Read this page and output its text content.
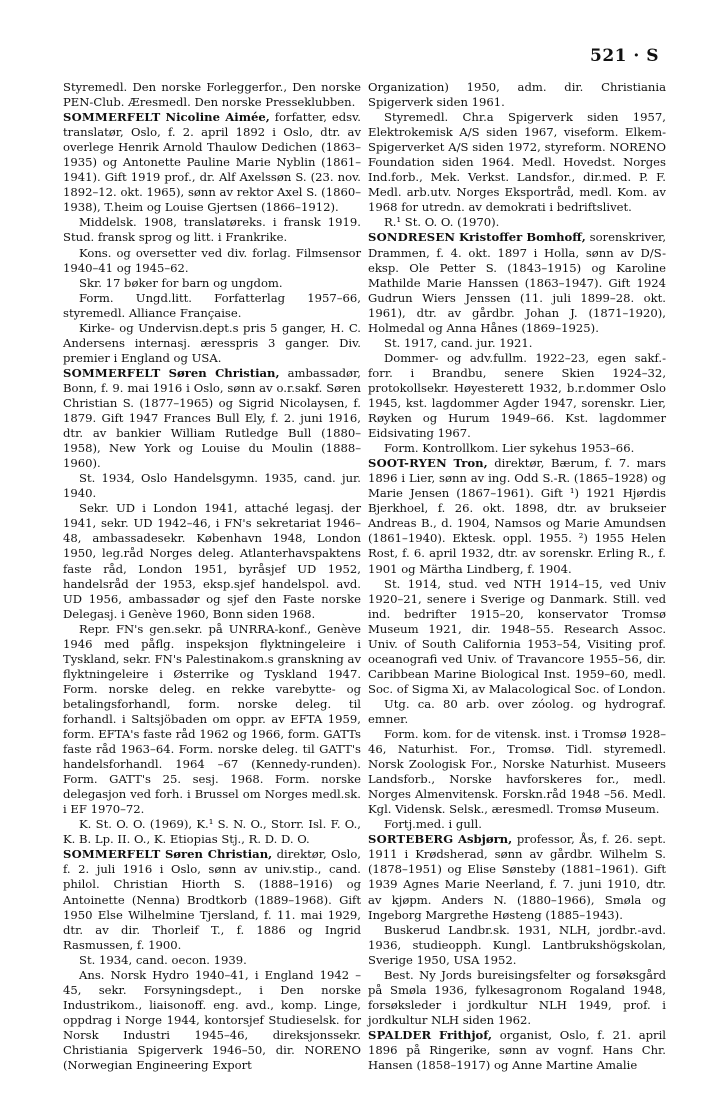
521 · S

Styremedl. Den norske Forleggerfor., Den norske PEN-Club. Æresmedl. Den norske Presseklubben.

SOMMERFELT Nicoline Aimée, forfatter, edsv. translatør, Oslo, f. 2. april 1892 i Oslo, dtr. av overlege Henrik Arnold Thaulow Dedichen (1863–1935) og Antonette Pauline Marie Nyblin (1861–1941). Gift 1919 prof., dr. Alf Axelssøn S. (23. nov. 1892–12. okt. 1965), sønn av rektor Axel S. (1860–1938), T.heim og Louise Gjertsen (1866–1912).

Middelsk. 1908, translatøreks. i fransk 1919. Stud. fransk sprog og litt. i Frankrike.

Kons. og oversetter ved div. forlag. Filmsensor 1940–41 og 1945–62.

Skr. 17 bøker for barn og ungdom.

Form. Ungd.litt. Forfatterlag 1957–66, styremedl. Alliance Française.

Kirke- og Undervisn.dept.s pris 5 ganger, H. C. Andersens internasj. æresspris 3 ganger. Div. premier i England og USA.

SOMMERFELT Søren Christian, ambassadør, Bonn, f. 9. mai 1916 i Oslo, sønn av o.r.sakf. Søren Christian S. (1877–1965) og Sigrid Nicolaysen, f. 1879. Gift 1947 Frances Bull Ely, f. 2. juni 1916, dtr. av bankier William Rutledge Bull (1880–1958), New York og Louise du Moulin (1888–1960).

St. 1934, Oslo Handelsgymn. 1935, cand. jur. 1940.

Sekr. UD i London 1941, attaché legasj. der 1941, sekr. UD 1942–46, i FN's sekretariat 1946–48, ambassadesekr. København 1948, London 1950, leg.råd Norges deleg. Atlanterhavspaktens faste råd, London 1951, byråsjef UD 1952, handelsråd der 1953, eksp.sjef handelspol. avd. UD 1956, ambassadør og sjef den Faste norske Delegasj. i Genève 1960, Bonn siden 1968.

Repr. FN's gen.sekr. på UNRRA-konf., Genève 1946 med påflg. inspeksjon flyktningeleire i Tyskland, sekr. FN's Palestinakom.s granskning av flyktningeleire i Østerrike og Tyskland 1947. Form. norske deleg. en rekke varebytte- og betalingsforhandl, form. norske deleg. til forhandl. i Saltsjöbaden om oppr. av EFTA 1959, form. EFTA's faste råd 1962 og 1966, form. GATTs faste råd 1963–64. Form. norske deleg. til GATT's handelsforhandl. 1964 –67 (Kennedy-runden). Form. GATT's 25. sesj. 1968. Form. norske delegasjon ved forh. i Brussel om Norges medl.sk. i EF 1970–72.

K. St. O. O. (1969), K.¹ S. N. O., Storr. Isl. F. O., K. B. Lp. II. O., K. Etiopias Stj., R. D. D. O.

SOMMERFELT Søren Christian, direktør, Oslo, f. 2. juli 1916 i Oslo, sønn av univ.stip., cand. philol. Christian Hiorth S. (1888–1916) og Antoinette (Nenna) Brodtkorb (1889–1968). Gift 1950 Else Wilhelmine Tjersland, f. 11. mai 1929, dtr. av dir. Thorleif T., f. 1886 og Ingrid Rasmussen, f. 1900.

St. 1934, cand. oecon. 1939.

Ans. Norsk Hydro 1940–41, i England 1942 –45, sekr. Forsyningsdept., i Den norske Industrikom., liaisonoff. eng. avd., komp. Linge, oppdrag i Norge 1944, kontorsjef Studieselsk. for Norsk Industri 1945–46, direksjonssekr. Christiania Spigerverk 1946–50, dir. NORENO (Norwegian Engineering Export

Organization) 1950, adm. dir. Christiania Spigerverk siden 1961.

Styremedl. Chr.a Spigerverk siden 1957, Elektrokemisk A/S siden 1967, viseform. Elkem-Spigerverket A/S siden 1972, styreform. NORENO Foundation siden 1964. Medl. Hovedst. Norges Ind.forb., Mek. Verkst. Landsfor., dir.med. P. F. Medl. arb.utv. Norges Eksportråd, medl. Kom. av 1968 for utredn. av demokrati i bedriftslivet.

R.¹ St. O. O. (1970).

SONDRESEN Kristoffer Bomhoff, sorenskriver, Drammen, f. 4. okt. 1897 i Holla, sønn av D/S-eksp. Ole Petter S. (1843–1915) og Karoline Mathilde Marie Hanssen (1863–1947). Gift 1924 Gudrun Wiers Jenssen (11. juli 1899–28. okt. 1961), dtr. av gårdbr. Johan J. (1871–1920), Holmedal og Anna Hånes (1869–1925).

St. 1917, cand. jur. 1921.

Dommer- og adv.fullm. 1922–23, egen sakf.-forr. i Brandbu, senere Skien 1924–32, protokollsekr. Høyesterett 1932, b.r.dommer Oslo 1945, kst. lagdommer Agder 1947, sorenskr. Lier, Røyken og Hurum 1949–66. Kst. lagdommer Eidsivating 1967.

Form. Kontrollkom. Lier sykehus 1953–66.

SOOT-RYEN Tron, direktør, Bærum, f. 7. mars 1896 i Lier, sønn av ing. Odd S.-R. (1865–1928) og Marie Jensen (1867–1961). Gift ¹) 1921 Hjørdis Bjerkhoel, f. 26. okt. 1898, dtr. av brukseier Andreas B., d. 1904, Namsos og Marie Amundsen (1861–1940). Ektesk. oppl. 1955. ²) 1955 Helen Rost, f. 6. april 1932, dtr. av sorenskr. Erling R., f. 1901 og Märtha Lindberg, f. 1904.

St. 1914, stud. ved NTH 1914–15, ved Univ 1920–21, senere i Sverige og Danmark. Still. ved ind. bedrifter 1915–20, konservator Tromsø Museum 1921, dir. 1948–55. Research Assoc. Univ. of South California 1953–54, Visiting prof. oceanografi ved Univ. of Travancore 1955–56, dir. Caribbean Marine Biological Inst. 1959–60, medl. Soc. of Sigma Xi, av Malacological Soc. of London.

Utg. ca. 80 arb. over zóolog. og hydrograf. emner.

Form. kom. for de vitensk. inst. i Tromsø 1928–46, Naturhist. For., Tromsø. Tidl. styremedl. Norsk Zoologisk For., Norske Naturhist. Museers Landsforb., Norske havforskeres for., medl. Norges Almenvitensk. Forskn.råd 1948 –56. Medl. Kgl. Vidensk. Selsk., æresmedl. Tromsø Museum.

Fortj.med. i gull.

SORTEBERG Asbjørn, professor, Ås, f. 26. sept. 1911 i Krødsherad, sønn av gårdbr. Wilhelm S. (1878–1951) og Elise Sønsteby (1881–1961). Gift 1939 Agnes Marie Neerland, f. 7. juni 1910, dtr. av kjøpm. Anders N. (1880–1966), Smøla og Ingeborg Margrethe Høsteng (1885–1943).

Buskerud Landbr.sk. 1931, NLH, jordbr.-avd. 1936, studieopph. Kungl. Lantbrukshögskolan, Sverige 1950, USA 1952.

Best. Ny Jords bureisingsfelter og forsøksgård på Smøla 1936, fylkesagronom Rogaland 1948, forsøksleder i jordkultur NLH 1949, prof. i jordkultur NLH siden 1962.

SPALDER Frithjof, organist, Oslo, f. 21. april 1896 på Ringerike, sønn av vognf. Hans Chr. Hansen (1858–1917) og Anne Martine Amalie
